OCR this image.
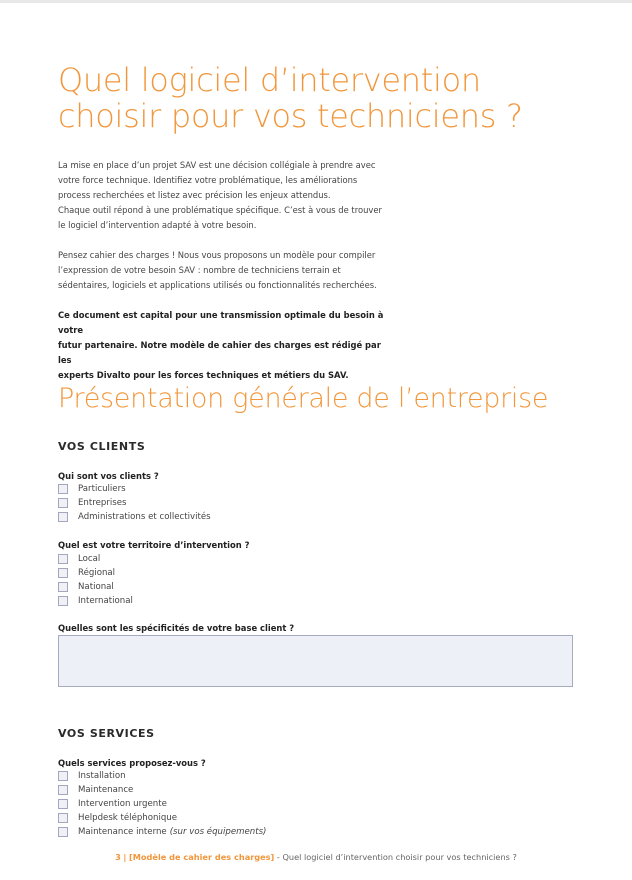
Quel logiciel d’intervention
choisir pour vos techniciens ?

La mise en place d’un projet SAV est une décision collégiale à prendre avec
votre force technique. Identifiez votre problématique, les améliorations
process recherchées et listez avec précision les enjeux attendus.
Chaque outil répond à une problématique spécifique. C’est à vous de trouver
le logiciel d’intervention adapté à votre besoin.

Pensez cahier des charges ! Nous vous proposons un modèle pour compiler
l’expression de votre besoin SAV : nombre de techniciens terrain et
sédentaires, logiciels et applications utilisés ou fonctionnalités recherchées.

Ce document est capital pour une transmission optimale du besoin à votre
futur partenaire. Notre modèle de cahier des charges est rédigé par les
experts Divalto pour les forces techniques et métiers du SAV.

Présentation générale de l’entreprise
VOS CLIENTS
Qui sont vos clients ?
Particuliers
Entreprises
Administrations et collectivités
Quel est votre territoire d’intervention ?
Local
Régional
National
International
Quelles sont les spécificités de votre base client ?
VOS SERVICES
Quels services proposez-vous ?
Installation
Maintenance
Intervention urgente
Helpdesk téléphonique
Maintenance interne (sur vos équipements)
3 | [Modèle de cahier des charges] - Quel logiciel d’intervention choisir pour vos techniciens ?
